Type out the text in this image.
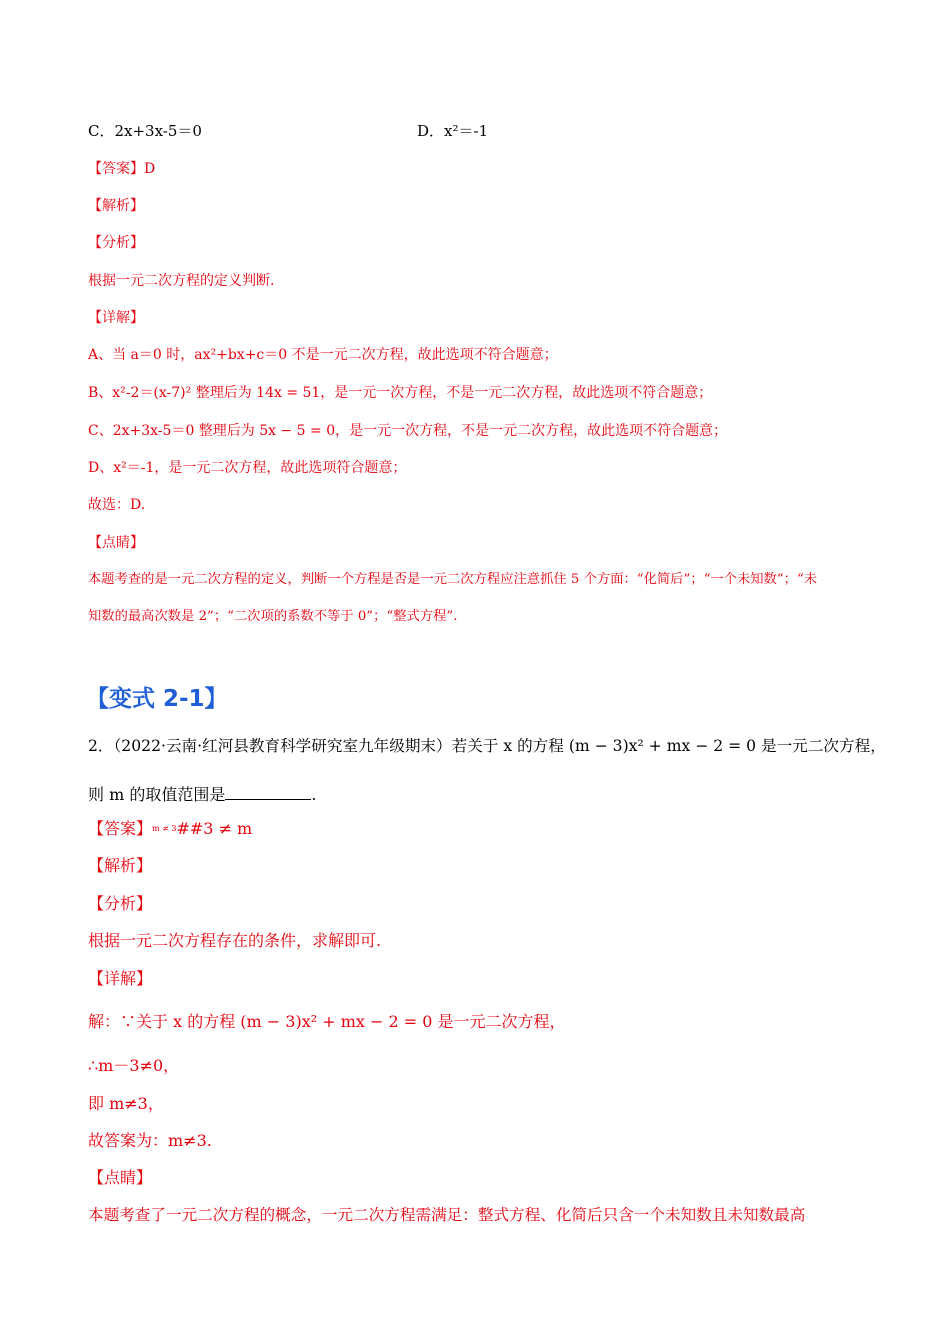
C．2x+3x-5＝0	D．x²＝-1
【答案】D
【解析】
【分析】
根据一元二次方程的定义判断.
【详解】
A、当 a＝0 时，ax²+bx+c＝0 不是一元二次方程，故此选项不符合题意；
B、x²-2＝(x-7)² 整理后为 14x = 51，是一元一次方程，不是一元二次方程，故此选项不符合题意；
C、2x+3x-5＝0 整理后为 5x − 5 = 0，是一元一次方程，不是一元二次方程，故此选项不符合题意；
D、x²＝-1，是一元二次方程，故此选项符合题意；
故选：D.
【点睛】
本题考查的是一元二次方程的定义，判断一个方程是否是一元二次方程应注意抓住 5 个方面：“化简后”；“一个未知数”；“未
知数的最高次数是 2”；“二次项的系数不等于 0”；“整式方程”.
【变式 2-1】
2．（2022·云南·红河县教育科学研究室九年级期末）若关于 x 的方程 (m − 3)x² + mx − 2 = 0 是一元二次方程，
则 m 的取值范围是	.
【答案】m ≠ 3##3 ≠ m
【解析】
【分析】
根据一元二次方程存在的条件，求解即可.
【详解】
解：∵关于 x 的方程 (m − 3)x² + mx − 2 = 0 是一元二次方程，
∴m－3≠0，
即 m≠3，
故答案为：m≠3.
【点睛】
本题考查了一元二次方程的概念，一元二次方程需满足：整式方程、化简后只含一个未知数且未知数最高
